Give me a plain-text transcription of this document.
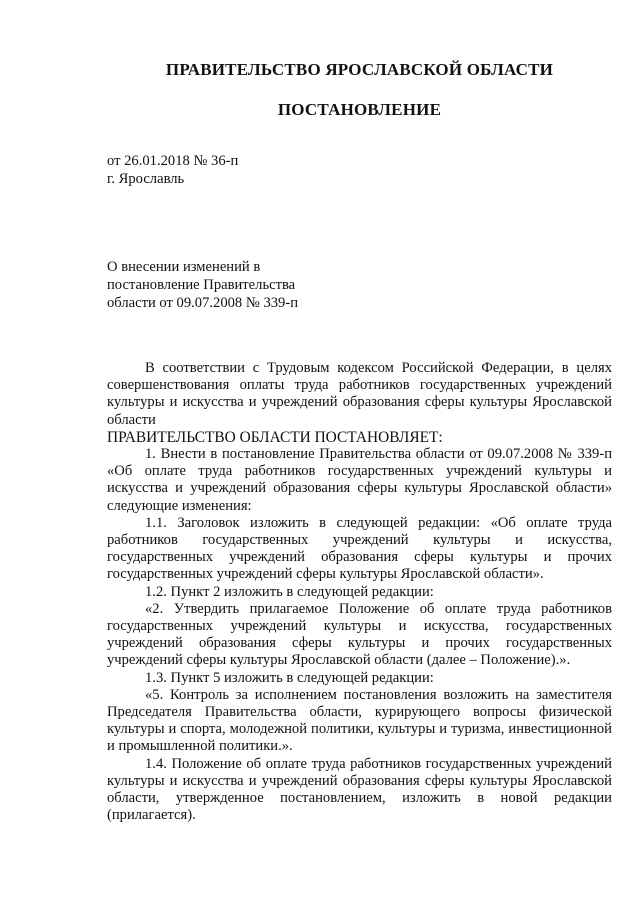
ПРАВИТЕЛЬСТВО ЯРОСЛАВСКОЙ ОБЛАСТИ
ПОСТАНОВЛЕНИЕ
от 26.01.2018 № 36-п
г. Ярославль
О внесении изменений в
постановление Правительства
области от 09.07.2008 № 339-п

В соответствии с Трудовым кодексом Российской Федерации, в целях совершенствования оплаты труда работников государственных учреждений культуры и искусства и учреждений образования сферы культуры Ярославской области

ПРАВИТЕЛЬСТВО ОБЛАСТИ ПОСТАНОВЛЯЕТ:

1. Внести в постановление Правительства области от 09.07.2008 № 339-п «Об оплате труда работников государственных учреждений культуры и искусства и учреждений образования сферы культуры Ярославской области» следующие изменения:

1.1. Заголовок изложить в следующей редакции: «Об оплате труда работников государственных учреждений культуры и искусства, государственных учреждений образования сферы культуры и прочих государственных учреждений сферы культуры Ярославской области».

1.2. Пункт 2 изложить в следующей редакции:

«2. Утвердить прилагаемое Положение об оплате труда работников государственных учреждений культуры и искусства, государственных учреждений образования сферы культуры и прочих государственных учреждений сферы культуры Ярославской области (далее – Положение).».

1.3. Пункт 5 изложить в следующей редакции:

«5. Контроль за исполнением постановления возложить на заместителя Председателя Правительства области, курирующего вопросы физической культуры и спорта, молодежной политики, культуры и туризма, инвестиционной и промышленной политики.».

1.4. Положение об оплате труда работников государственных учреждений культуры и искусства и учреждений образования сферы культуры Ярославской области, утвержденное постановлением, изложить в новой редакции (прилагается).
